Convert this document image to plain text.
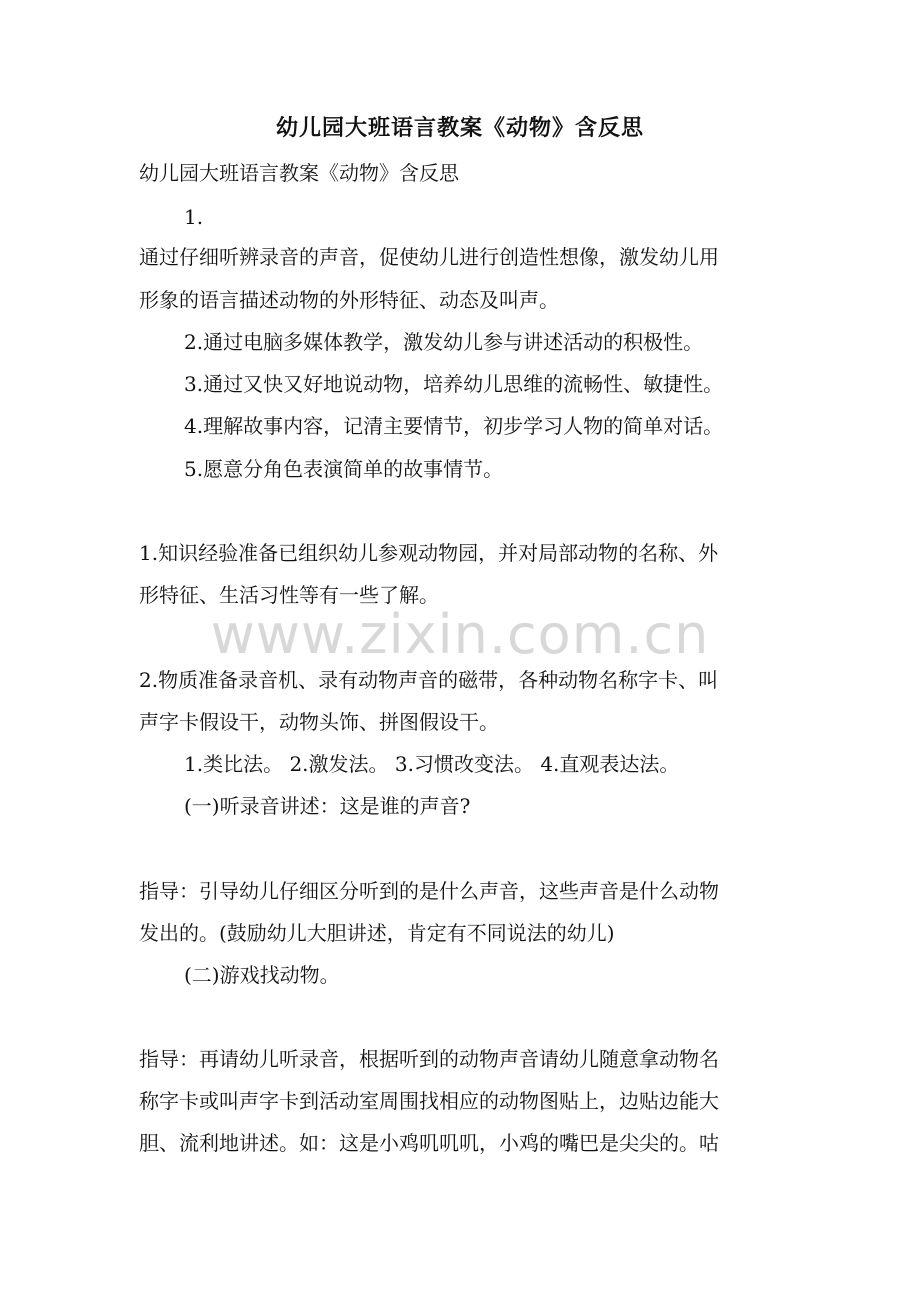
幼儿园大班语言教案《动物》含反思
幼儿园大班语言教案《动物》含反思
1.
通过仔细听辨录音的声音，促使幼儿进行创造性想像，激发幼儿用
形象的语言描述动物的外形特征、动态及叫声。
2.通过电脑多媒体教学，激发幼儿参与讲述活动的积极性。
3.通过又快又好地说动物，培养幼儿思维的流畅性、敏捷性。
4.理解故事内容，记清主要情节，初步学习人物的简单对话。
5.愿意分角色表演简单的故事情节。
1.知识经验准备已组织幼儿参观动物园，并对局部动物的名称、外
形特征、生活习性等有一些了解。
www.zixin.com.cn
2.物质准备录音机、录有动物声音的磁带，各种动物名称字卡、叫
声字卡假设干，动物头饰、拼图假设干。
1.类比法。 2.激发法。 3.习惯改变法。 4.直观表达法。
(一)听录音讲述：这是谁的声音?
指导：引导幼儿仔细区分听到的是什么声音，这些声音是什么动物
发出的。(鼓励幼儿大胆讲述，肯定有不同说法的幼儿)
(二)游戏找动物。
指导：再请幼儿听录音，根据听到的动物声音请幼儿随意拿动物名
称字卡或叫声字卡到活动室周围找相应的动物图贴上，边贴边能大
胆、流利地讲述。如：这是小鸡叽叽叽，小鸡的嘴巴是尖尖的。咕
